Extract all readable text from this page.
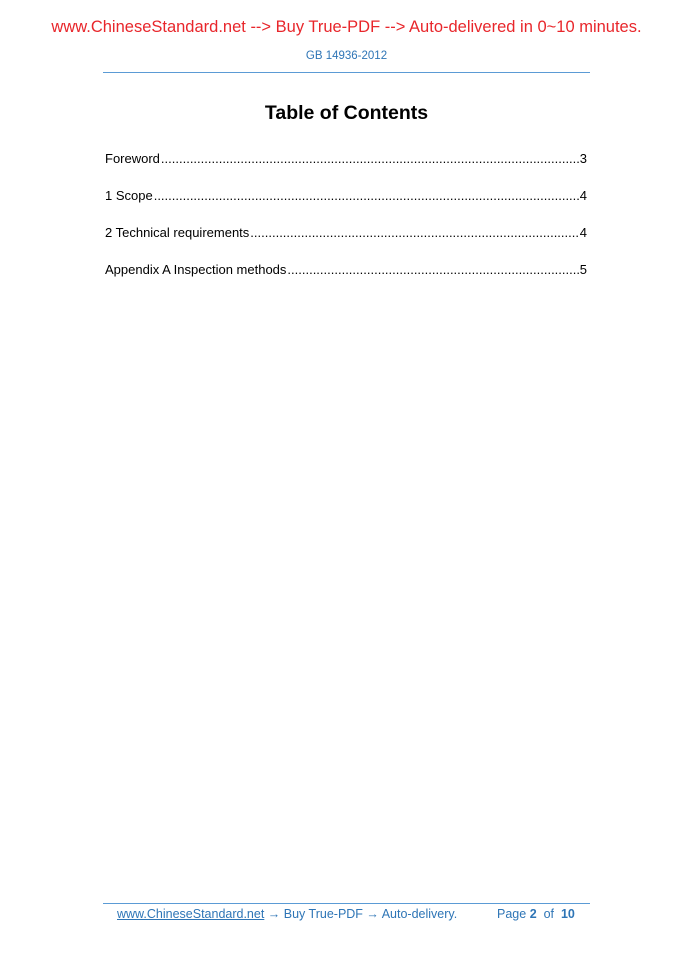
www.ChineseStandard.net --> Buy True-PDF --> Auto-delivered in 0~10 minutes.
GB 14936-2012
Table of Contents
Foreword .....	3
1 Scope .....	4
2 Technical requirements .....	4
Appendix A Inspection methods .....	5
www.ChineseStandard.net → Buy True-PDF → Auto-delivery.	Page 2 of 10
